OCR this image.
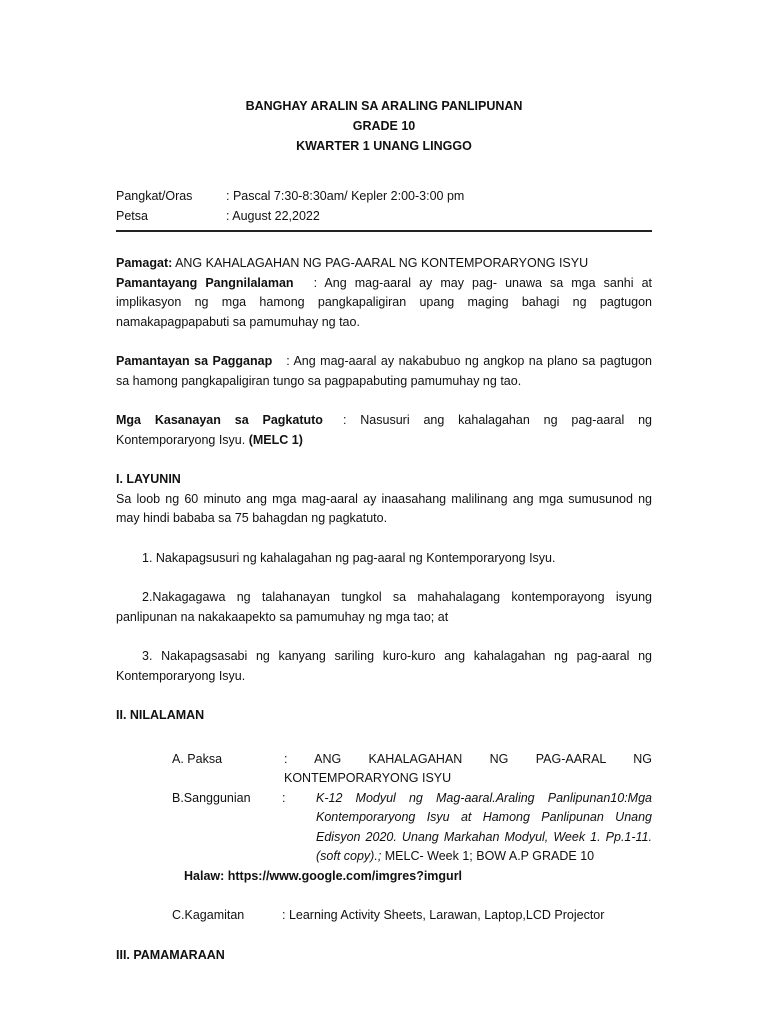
BANGHAY ARALIN SA ARALING PANLIPUNAN
GRADE 10
KWARTER 1 UNANG LINGGO
Pangkat/Oras	: Pascal 7:30-8:30am/ Kepler 2:00-3:00 pm
Petsa	: August 22,2022
Pamagat: ANG KAHALAGAHAN NG PAG-AARAL NG KONTEMPORARYONG ISYU
Pamantayang Pangnilalaman : Ang mag-aaral ay may pag- unawa sa mga sanhi at implikasyon ng mga hamong pangkapaligiran upang maging bahagi ng pagtugon namakapagpapabuti sa pamumuhay ng tao.
Pamantayan sa Pagganap : Ang mag-aaral ay nakabubuo ng angkop na plano sa pagtugon sa hamong pangkapaligiran tungo sa pagpapabuting pamumuhay ng tao.
Mga Kasanayan sa Pagkatuto : Nasusuri ang kahalagahan ng pag-aaral ng Kontemporaryong Isyu. (MELC 1)
I. LAYUNIN
Sa loob ng 60 minuto ang mga mag-aaral ay inaasahang malilinang ang mga sumusunod ng may hindi bababa sa 75 bahagdan ng pagkatuto.
1. Nakapagsusuri ng kahalagahan ng pag-aaral ng Kontemporaryong Isyu.
2.Nakagagawa ng talahanayan tungkol sa mahahalagang kontemporayong isyung panlipunan na nakakaapekto sa pamumuhay ng mga tao; at
3. Nakapagsasabi ng kanyang sariling kuro-kuro ang kahalagahan ng pag-aaral ng Kontemporaryong Isyu.
II. NILALAMAN
A. Paksa	: ANG KAHALAGAHAN NG PAG-AARAL NG KONTEMPORARYONG ISYU
B.Sanggunian	:	K-12 Modyul ng Mag-aaral.Araling Panlipunan10:Mga Kontemporaryong Isyu at Hamong Panlipunan Unang Edisyon 2020. Unang Markahan Modyul, Week 1. Pp.1-11.(soft copy).; MELC- Week 1; BOW A.P GRADE 10
Halaw: https://www.google.com/imgres?imgurl
C.Kagamitan	: Learning Activity Sheets, Larawan, Laptop,LCD Projector
III. PAMAMARAAN
